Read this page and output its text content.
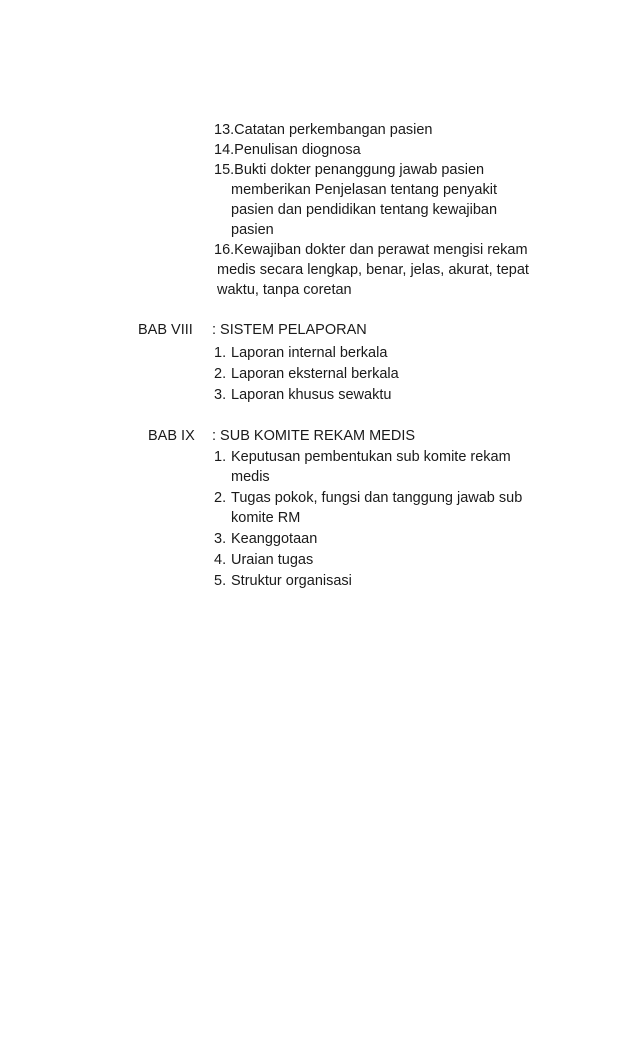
13.Catatan perkembangan pasien
14.Penulisan diognosa
15.Bukti dokter penanggung jawab pasien
memberikan Penjelasan tentang penyakit
pasien dan pendidikan tentang kewajiban
pasien
16.Kewajiban dokter dan perawat mengisi rekam
medis secara lengkap, benar, jelas, akurat, tepat
waktu, tanpa coretan
BAB VIII : SISTEM PELAPORAN
1. Laporan internal berkala
2. Laporan eksternal berkala
3. Laporan khusus sewaktu
BAB IX : SUB KOMITE REKAM MEDIS
1. Keputusan pembentukan sub komite rekam
medis
2. Tugas pokok, fungsi dan tanggung jawab sub
komite RM
3. Keanggotaan
4. Uraian tugas
5. Struktur organisasi
